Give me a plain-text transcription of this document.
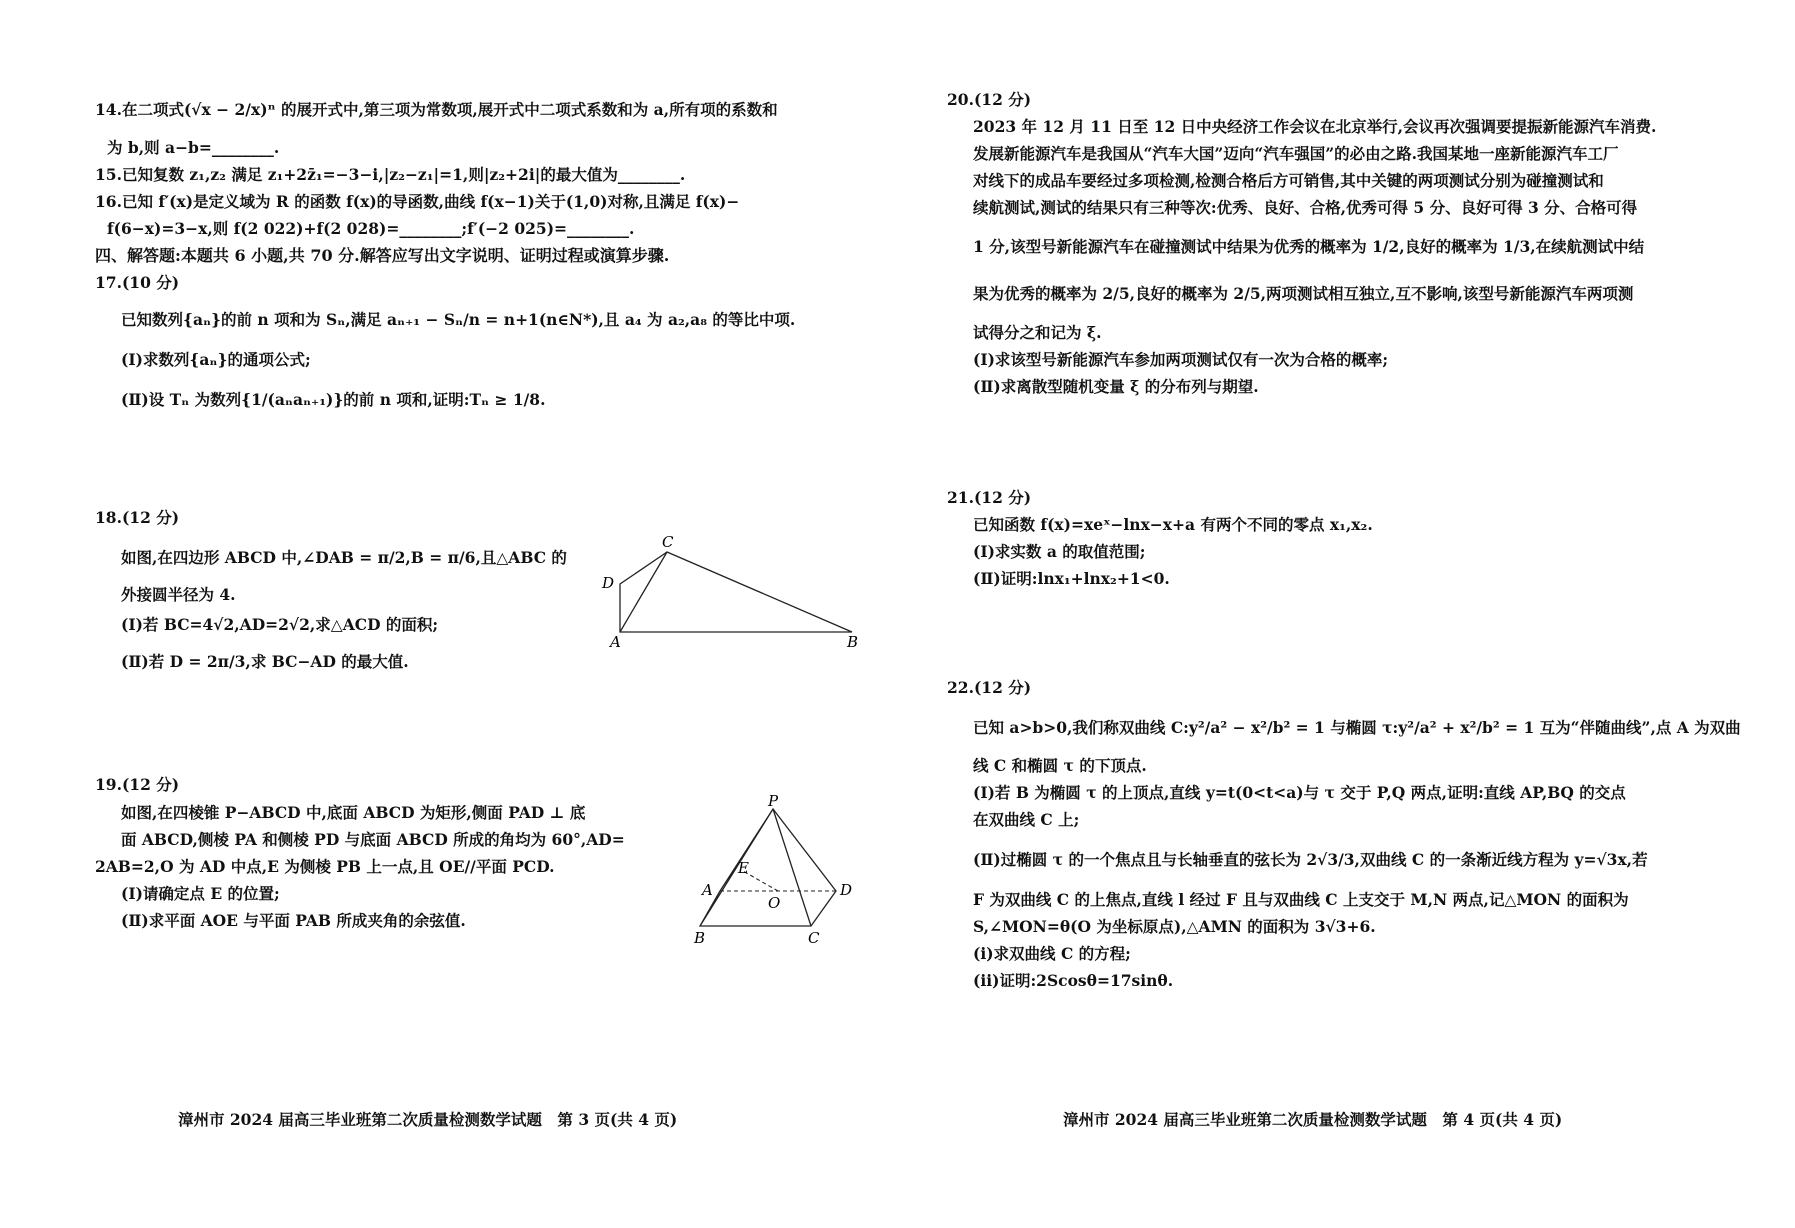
14.在二项式(√x − 2/x)ⁿ 的展开式中,第三项为常数项,展开式中二项式系数和为 a,所有项的系数和
为 b,则 a−b=________.
15.已知复数 z₁,z₂ 满足 z₁+2z̄₁=−3−i,|z₂−z₁|=1,则|z₂+2i|的最大值为________.
16.已知 f′(x)是定义域为 R 的函数 f(x)的导函数,曲线 f(x−1)关于(1,0)对称,且满足 f(x)−
f(6−x)=3−x,则 f(2 022)+f(2 028)=________;f′(−2 025)=________.
四、解答题:本题共 6 小题,共 70 分.解答应写出文字说明、证明过程或演算步骤.
17.(10 分)
已知数列{aₙ}的前 n 项和为 Sₙ,满足 aₙ₊₁ − Sₙ/n = n+1(n∈N*),且 a₄ 为 a₂,a₈ 的等比中项.
(Ⅰ)求数列{aₙ}的通项公式;
(Ⅱ)设 Tₙ 为数列{1/(aₙaₙ₊₁)}的前 n 项和,证明:Tₙ ≥ 1/8.
18.(12 分)
如图,在四边形 ABCD 中,∠DAB = π/2,B = π/6,且△ABC 的
外接圆半径为 4.
(Ⅰ)若 BC=4√2,AD=2√2,求△ACD 的面积;
(Ⅱ)若 D = 2π/3,求 BC−AD 的最大值.
C
D
A	B
19.(12 分)
如图,在四棱锥 P−ABCD 中,底面 ABCD 为矩形,侧面 PAD ⊥ 底
面 ABCD,侧棱 PA 和侧棱 PD 与底面 ABCD 所成的角均为 60°,AD=
2AB=2,O 为 AD 中点,E 为侧棱 PB 上一点,且 OE//平面 PCD.
(Ⅰ)请确定点 E 的位置;
(Ⅱ)求平面 AOE 与平面 PAB 所成夹角的余弦值.
P
E
A	D
O
B	C
漳州市 2024 届高三毕业班第二次质量检测数学试题　第 3 页(共 4 页)
20.(12 分)
2023 年 12 月 11 日至 12 日中央经济工作会议在北京举行,会议再次强调要提振新能源汽车消费.
发展新能源汽车是我国从“汽车大国”迈向“汽车强国”的必由之路.我国某地一座新能源汽车工厂
对线下的成品车要经过多项检测,检测合格后方可销售,其中关键的两项测试分别为碰撞测试和
续航测试,测试的结果只有三种等次:优秀、良好、合格,优秀可得 5 分、良好可得 3 分、合格可得
1 分,该型号新能源汽车在碰撞测试中结果为优秀的概率为 1/2,良好的概率为 1/3,在续航测试中结
果为优秀的概率为 2/5,良好的概率为 2/5,两项测试相互独立,互不影响,该型号新能源汽车两项测
试得分之和记为 ξ.
(Ⅰ)求该型号新能源汽车参加两项测试仅有一次为合格的概率;
(Ⅱ)求离散型随机变量 ξ 的分布列与期望.
21.(12 分)
已知函数 f(x)=xeˣ−lnx−x+a 有两个不同的零点 x₁,x₂.
(Ⅰ)求实数 a 的取值范围;
(Ⅱ)证明:lnx₁+lnx₂+1<0.
22.(12 分)
已知 a>b>0,我们称双曲线 C:y²/a² − x²/b² = 1 与椭圆 τ:y²/a² + x²/b² = 1 互为“伴随曲线”,点 A 为双曲
线 C 和椭圆 τ 的下顶点.
(Ⅰ)若 B 为椭圆 τ 的上顶点,直线 y=t(0<t<a)与 τ 交于 P,Q 两点,证明:直线 AP,BQ 的交点
在双曲线 C 上;
(Ⅱ)过椭圆 τ 的一个焦点且与长轴垂直的弦长为 2√3/3,双曲线 C 的一条渐近线方程为 y=√3x,若
F 为双曲线 C 的上焦点,直线 l 经过 F 且与双曲线 C 上支交于 M,N 两点,记△MON 的面积为
S,∠MON=θ(O 为坐标原点),△AMN 的面积为 3√3+6.
(ⅰ)求双曲线 C 的方程;
(ⅱ)证明:2Scosθ=17sinθ.
漳州市 2024 届高三毕业班第二次质量检测数学试题　第 4 页(共 4 页)
